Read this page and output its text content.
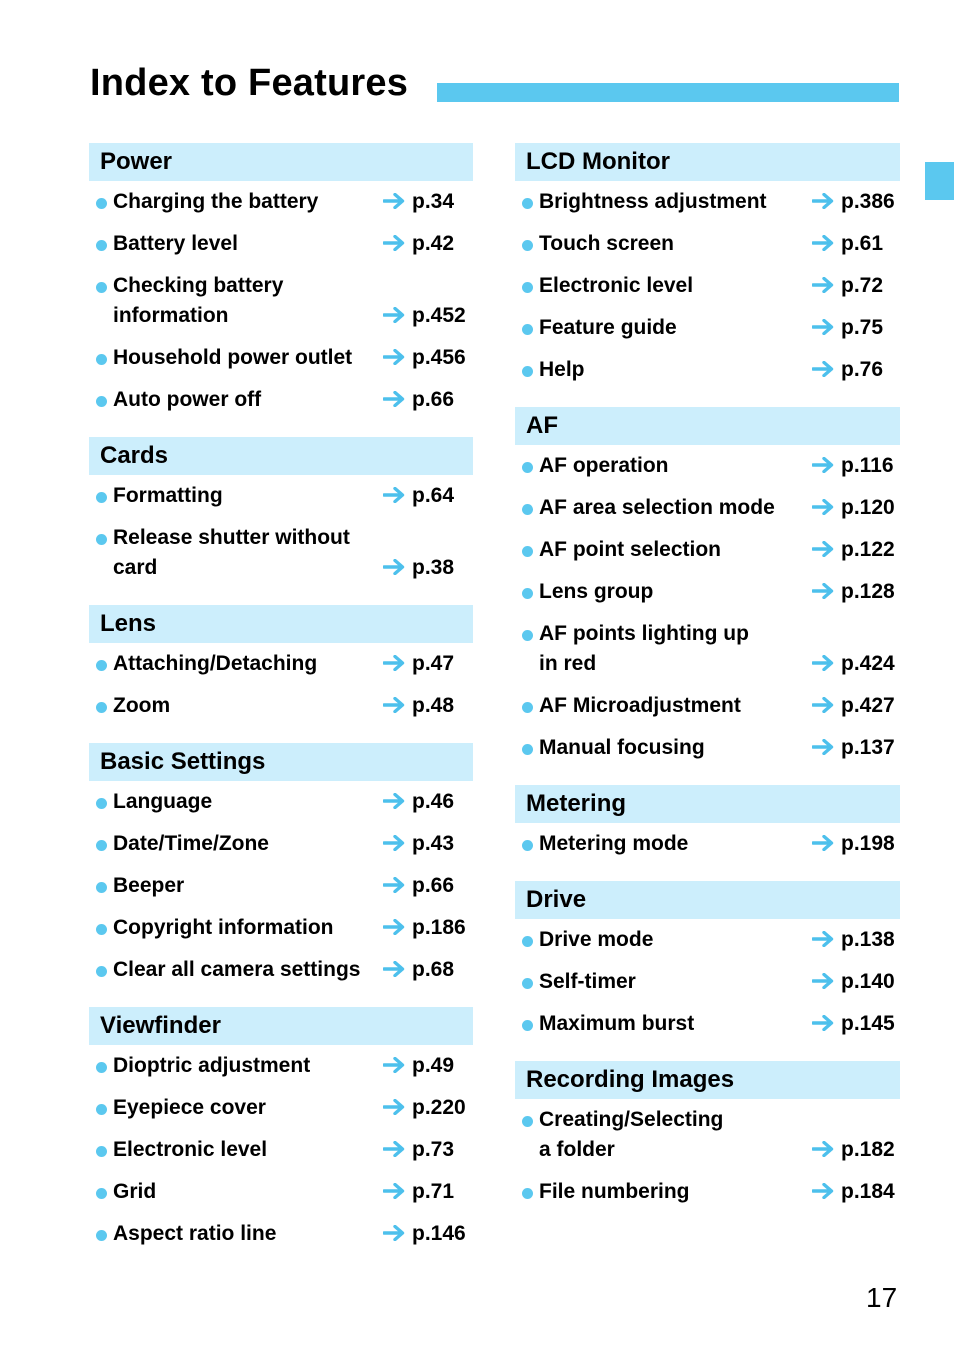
Index to Features
Power
Charging the battery	p.34
Battery level	p.42
Checking battery
information	p.452
Household power outlet	p.456
Auto power off	p.66
Cards
Formatting	p.64
Release shutter without
card	p.38
Lens
Attaching/Detaching	p.47
Zoom	p.48
Basic Settings
Language	p.46
Date/Time/Zone	p.43
Beeper	p.66
Copyright information	p.186
Clear all camera settings	p.68
Viewfinder
Dioptric adjustment	p.49
Eyepiece cover	p.220
Electronic level	p.73
Grid	p.71
Aspect ratio line	p.146
LCD Monitor
Brightness adjustment	p.386
Touch screen	p.61
Electronic level	p.72
Feature guide	p.75
Help	p.76
AF
AF operation	p.116
AF area selection mode	p.120
AF point selection	p.122
Lens group	p.128
AF points lighting up
in red	p.424
AF Microadjustment	p.427
Manual focusing	p.137
Metering
Metering mode	p.198
Drive
Drive mode	p.138
Self-timer	p.140
Maximum burst	p.145
Recording Images
Creating/Selecting
a folder	p.182
File numbering	p.184
17
